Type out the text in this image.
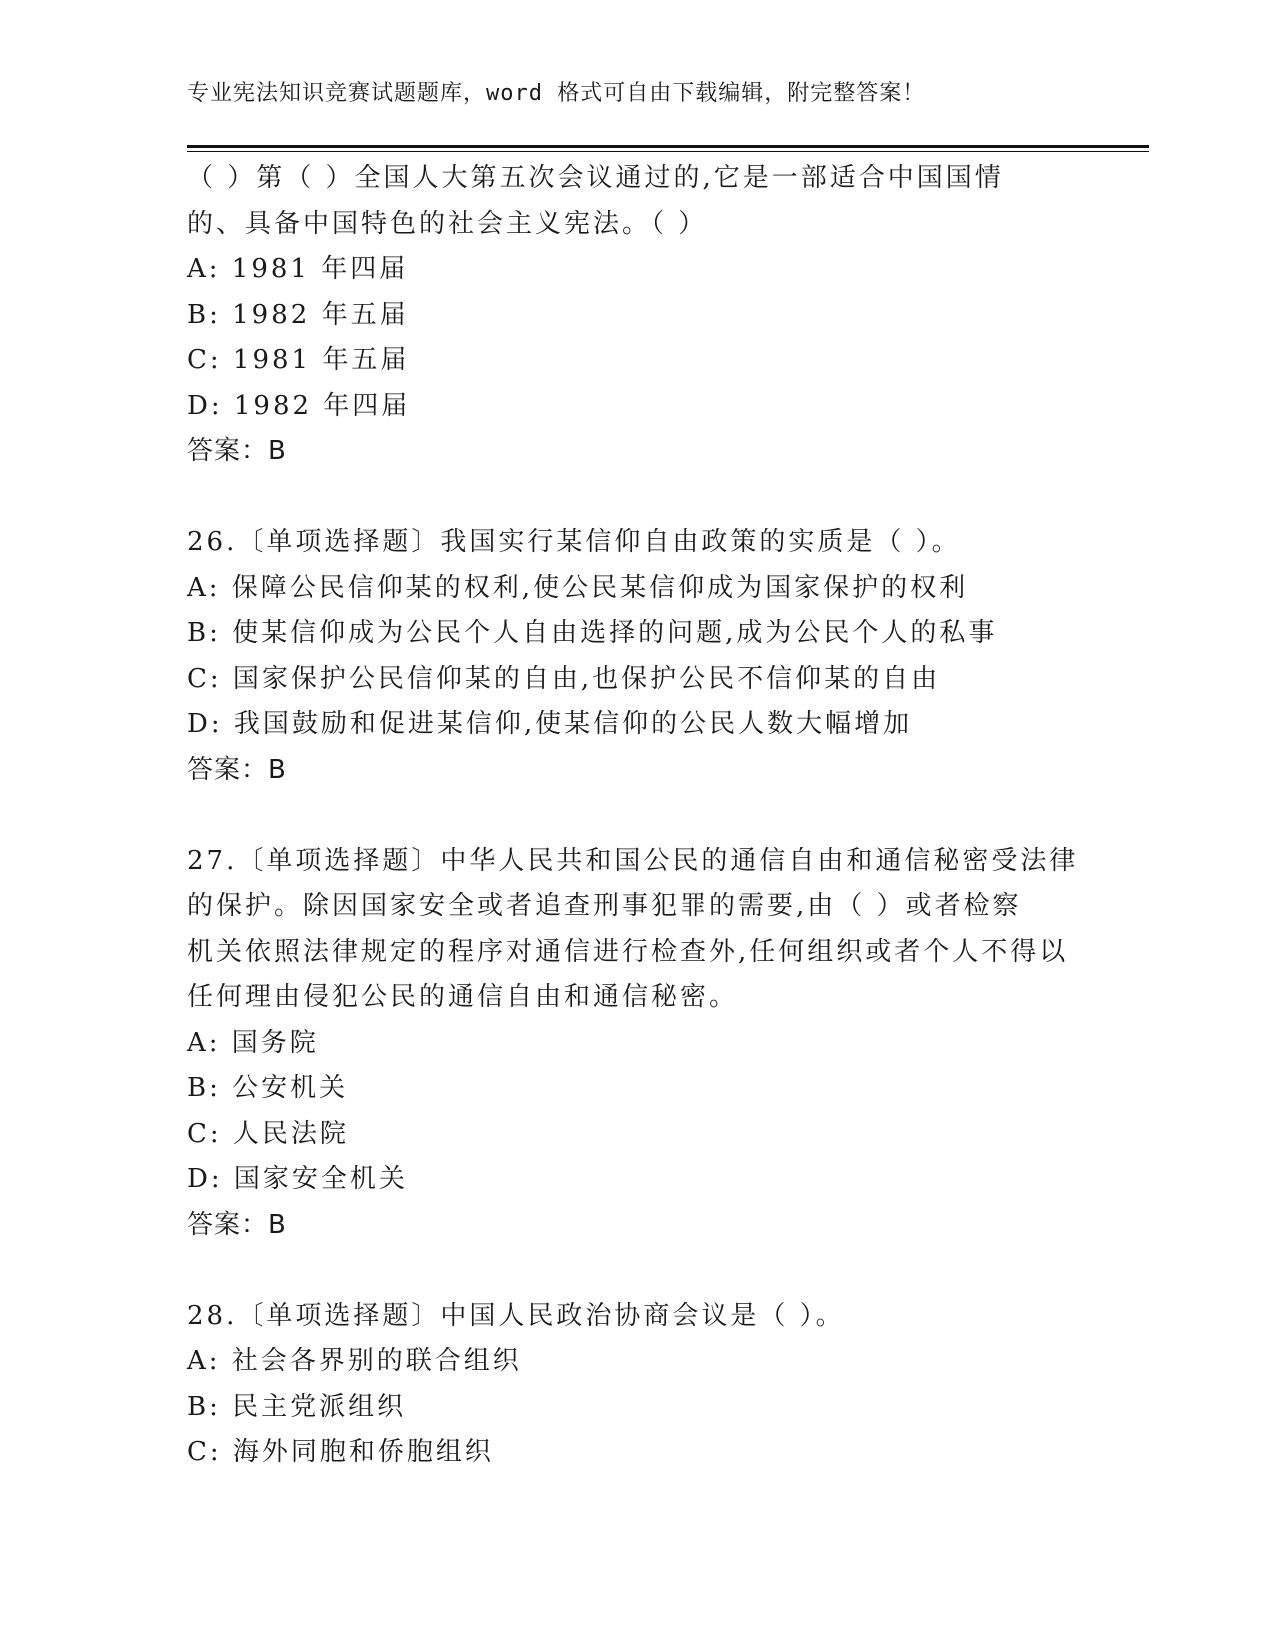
专业宪法知识竞赛试题题库，word 格式可自由下载编辑，附完整答案！
（ ）第（ ）全国人大第五次会议通过的,它是一部适合中国国情
的、具备中国特色的社会主义宪法。（ ）
A: 1981 年四届
B: 1982 年五届
C: 1981 年五届
D: 1982 年四届
答案：B
26.〔单项选择题〕我国实行某信仰自由政策的实质是（ ）。
A: 保障公民信仰某的权利,使公民某信仰成为国家保护的权利
B: 使某信仰成为公民个人自由选择的问题,成为公民个人的私事
C: 国家保护公民信仰某的自由,也保护公民不信仰某的自由
D: 我国鼓励和促进某信仰,使某信仰的公民人数大幅增加
答案：B
27.〔单项选择题〕中华人民共和国公民的通信自由和通信秘密受法律
的保护。除因国家安全或者追查刑事犯罪的需要,由（ ）或者检察
机关依照法律规定的程序对通信进行检查外,任何组织或者个人不得以
任何理由侵犯公民的通信自由和通信秘密。
A: 国务院
B: 公安机关
C: 人民法院
D: 国家安全机关
答案：B
28.〔单项选择题〕中国人民政治协商会议是（ ）。
A: 社会各界别的联合组织
B: 民主党派组织
C: 海外同胞和侨胞组织
